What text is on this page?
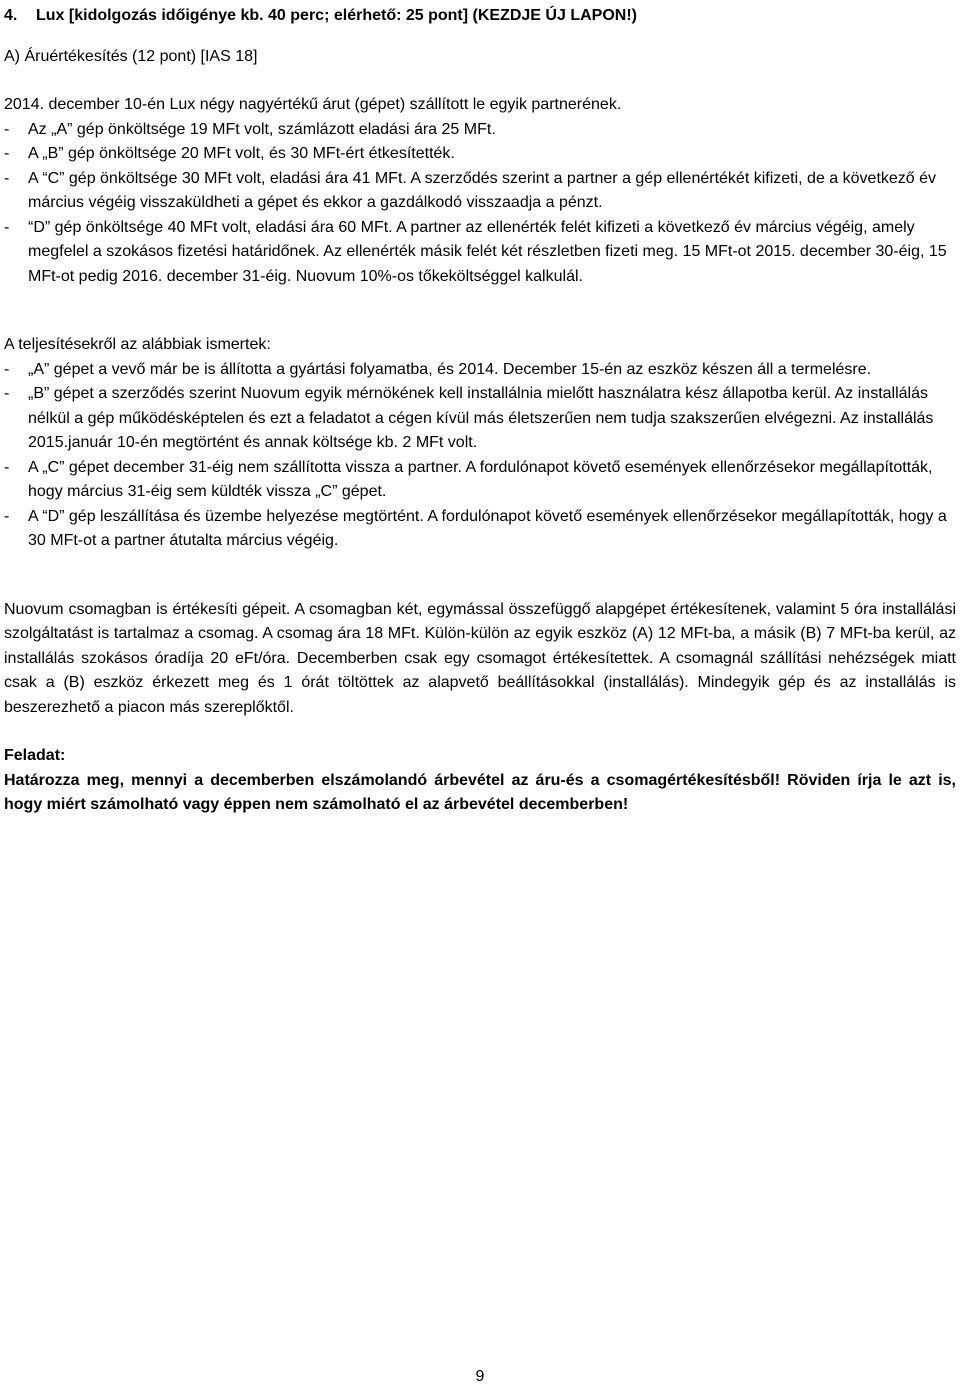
4.	Lux [kidolgozás időigénye kb. 40 perc; elérhető: 25 pont] (KEZDJE ÚJ LAPON!)

A) Áruértékesítés (12 pont) [IAS 18]

2014. december 10-én Lux négy nagyértékű árut (gépet) szállított le egyik partnerének.

-	Az „A” gép önköltsége 19 MFt volt, számlázott eladási ára 25 MFt.
-	A „B” gép önköltsége 20 MFt volt, és 30 MFt-ért étkesítették.
-	A “C” gép önköltsége 30 MFt volt, eladási ára 41 MFt. A szerződés szerint a partner a gép ellenértékét kifizeti, de a következő év március végéig visszaküldheti a gépet és ekkor a gazdálkodó visszaadja a pénzt.
-	“D” gép önköltsége 40 MFt volt, eladási ára 60 MFt. A partner az ellenérték felét kifizeti a következő év március végéig, amely megfelel a szokásos fizetési határidőnek. Az ellenérték másik felét két részletben fizeti meg. 15 MFt-ot 2015. december 30-éig, 15 MFt-ot pedig 2016. december 31-éig. Nuovum 10%-os tőkeköltséggel kalkulál.

A teljesítésekről az alábbiak ismertek:

-	„A” gépet a vevő már be is állította a gyártási folyamatba, és 2014. December 15-én az eszköz készen áll a termelésre.
-	„B” gépet a szerződés szerint Nuovum egyik mérnökének kell installálnia mielőtt használatra kész állapotba kerül. Az installálás nélkül a gép működésképtelen és ezt a feladatot a cégen kívül más életszerűen nem tudja szakszerűen elvégezni. Az installálás 2015.január 10-én megtörtént és annak költsége kb. 2 MFt volt.
-	A „C” gépet december 31-éig nem szállította vissza a partner. A fordulónapot követő események ellenőrzésekor megállapították, hogy március 31-éig sem küldték vissza „C” gépet.
-	A “D” gép leszállítása és üzembe helyezése megtörtént. A fordulónapot követő események ellenőrzésekor megállapították, hogy a 30 MFt-ot a partner átutalta március végéig.

Nuovum csomagban is értékesíti gépeit. A csomagban két, egymással összefüggő alapgépet értékesítenek, valamint 5 óra installálási szolgáltatást is tartalmaz a csomag. A csomag ára 18 MFt. Külön-külön az egyik eszköz (A) 12 MFt-ba, a másik (B) 7 MFt-ba kerül, az installálás szokásos óradíja 20 eFt/óra. Decemberben csak egy csomagot értékesítettek. A csomagnál szállítási nehézségek miatt csak a (B) eszköz érkezett meg és 1 órát töltöttek az alapvető beállításokkal (installálás). Mindegyik gép és az installálás is beszerezhető a piacon más szereplőktől.

Feladat:

Határozza meg, mennyi a decemberben elszámolandó árbevétel az áru-és a csomagértékesítésből! Röviden írja le azt is, hogy miért számolható vagy éppen nem számolható el az árbevétel decemberben!

9
